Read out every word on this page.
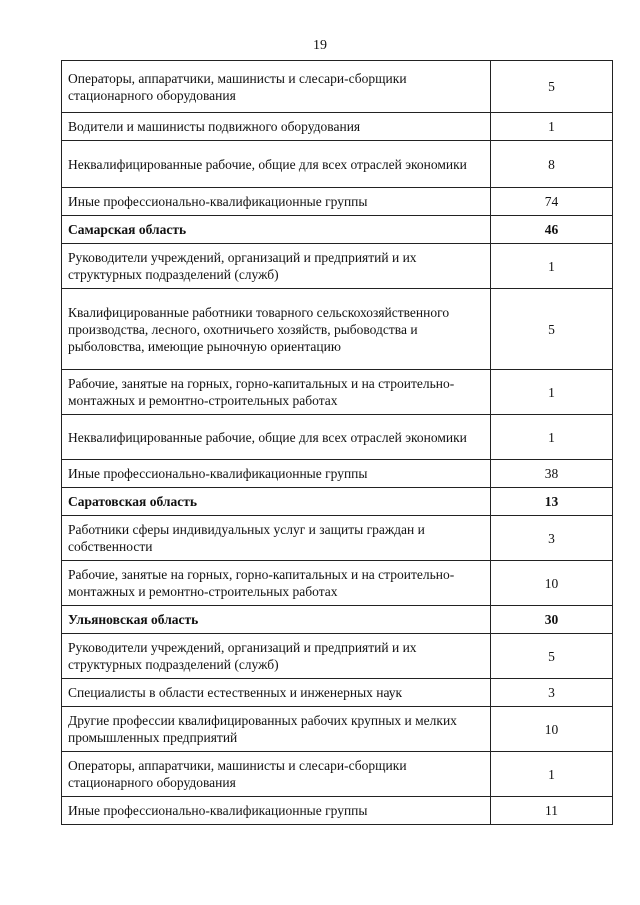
19
Операторы, аппаратчики, машинисты и слесари-сборщики стационарного оборудования	5
Водители и машинисты подвижного оборудования	1
Неквалифицированные рабочие, общие для всех отраслей экономики	8
Иные профессионально-квалификационные группы	74
Самарская область	46
Руководители учреждений, организаций и предприятий и их структурных подразделений (служб)	1
Квалифицированные работники товарного сельскохозяйственного производства, лесного, охотничьего хозяйств, рыбоводства и рыболовства, имеющие рыночную ориентацию	5
Рабочие, занятые на горных, горно-капитальных и на строительно-монтажных и ремонтно-строительных работах	1
Неквалифицированные рабочие, общие для всех отраслей экономики	1
Иные профессионально-квалификационные группы	38
Саратовская область	13
Работники сферы индивидуальных услуг и защиты граждан и собственности	3
Рабочие, занятые на горных, горно-капитальных и на строительно-монтажных и ремонтно-строительных работах	10
Ульяновская область	30
Руководители учреждений, организаций и предприятий и их структурных подразделений (служб)	5
Специалисты в области естественных и инженерных наук	3
Другие профессии квалифицированных рабочих крупных и мелких промышленных предприятий	10
Операторы, аппаратчики, машинисты и слесари-сборщики стационарного оборудования	1
Иные профессионально-квалификационные группы	11
